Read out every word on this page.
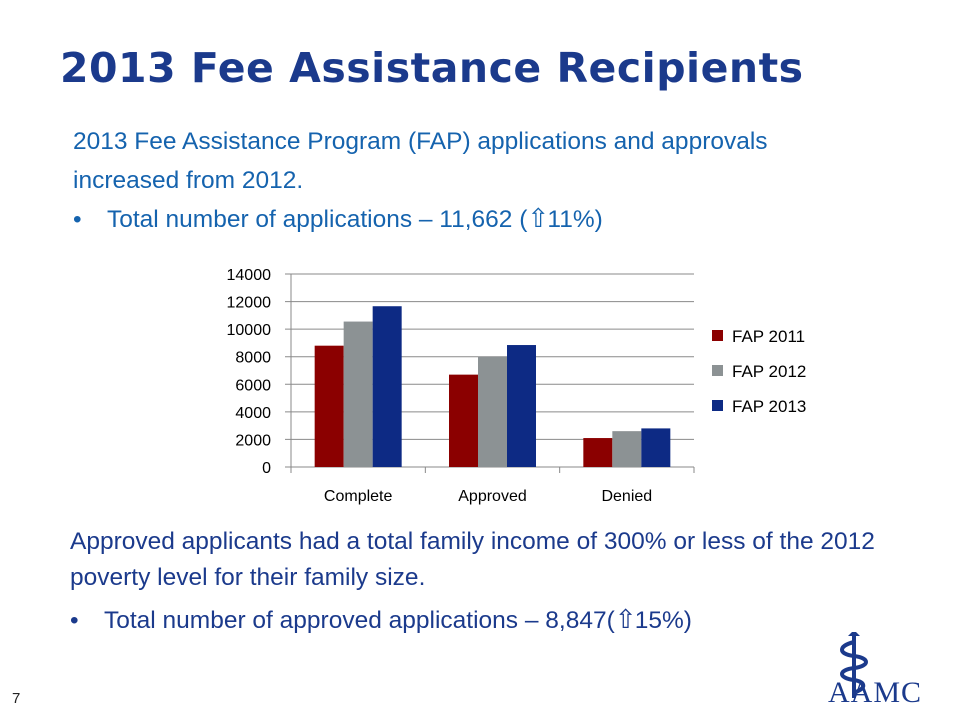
2013 Fee Assistance Recipients
2013 Fee Assistance Program (FAP) applications and approvals increased from 2012.
• Total number of applications – 11,662 (⇧11%)
0
2000
4000
6000
8000
10000
12000
14000
Complete	Approved	Denied
FAP 2011
FAP 2012
FAP 2013
Approved applicants had a total family income of 300% or less of the 2012 poverty level for their family size.
• Total number of approved applications – 8,847(⇧15%)
7	AAMC
